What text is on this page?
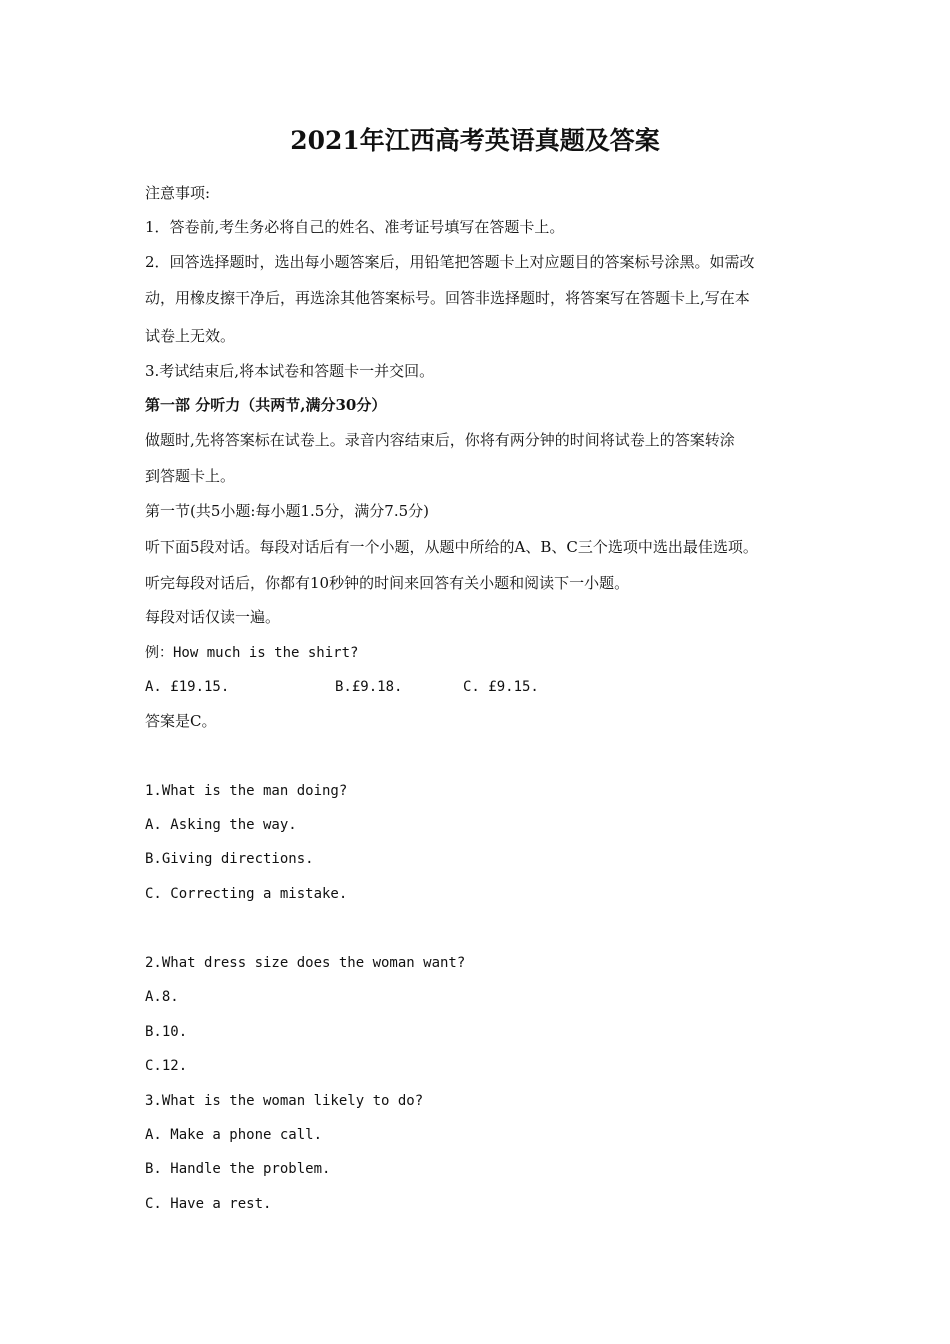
2021年江西高考英语真题及答案
注意事项:
1．答卷前,考生务必将自己的姓名、准考证号填写在答题卡上。
2．回答选择题时，选出每小题答案后，用铅笔把答题卡上对应题目的答案标号涂黑。如需改
动，用橡皮擦干净后，再选涂其他答案标号。回答非选择题时，将答案写在答题卡上,写在本
试卷上无效。
3.考试结束后,将本试卷和答题卡一并交回。
第一部 分听力（共两节,满分30分）
做题时,先将答案标在试卷上。录音内容结束后，你将有两分钟的时间将试卷上的答案转涂
到答题卡上。
第一节(共5小题:每小题1.5分，满分7.5分)
听下面5段对话。每段对话后有一个小题，从题中所给的A、B、C三个选项中选出最佳选项。
听完每段对话后，你都有10秒钟的时间来回答有关小题和阅读下一小题。
每段对话仅读一遍。
例：How much is the shirt?
A. £19.15.	B.£9.18.	C. £9.15.
答案是C。
1.What is the man doing?
A. Asking the way.
B.Giving directions.
C. Correcting a mistake.
2.What dress size does the woman want?
A.8.
B.10.
C.12.
3.What is the woman likely to do?
A. Make a phone call.
B. Handle the problem.
C. Have a rest.
